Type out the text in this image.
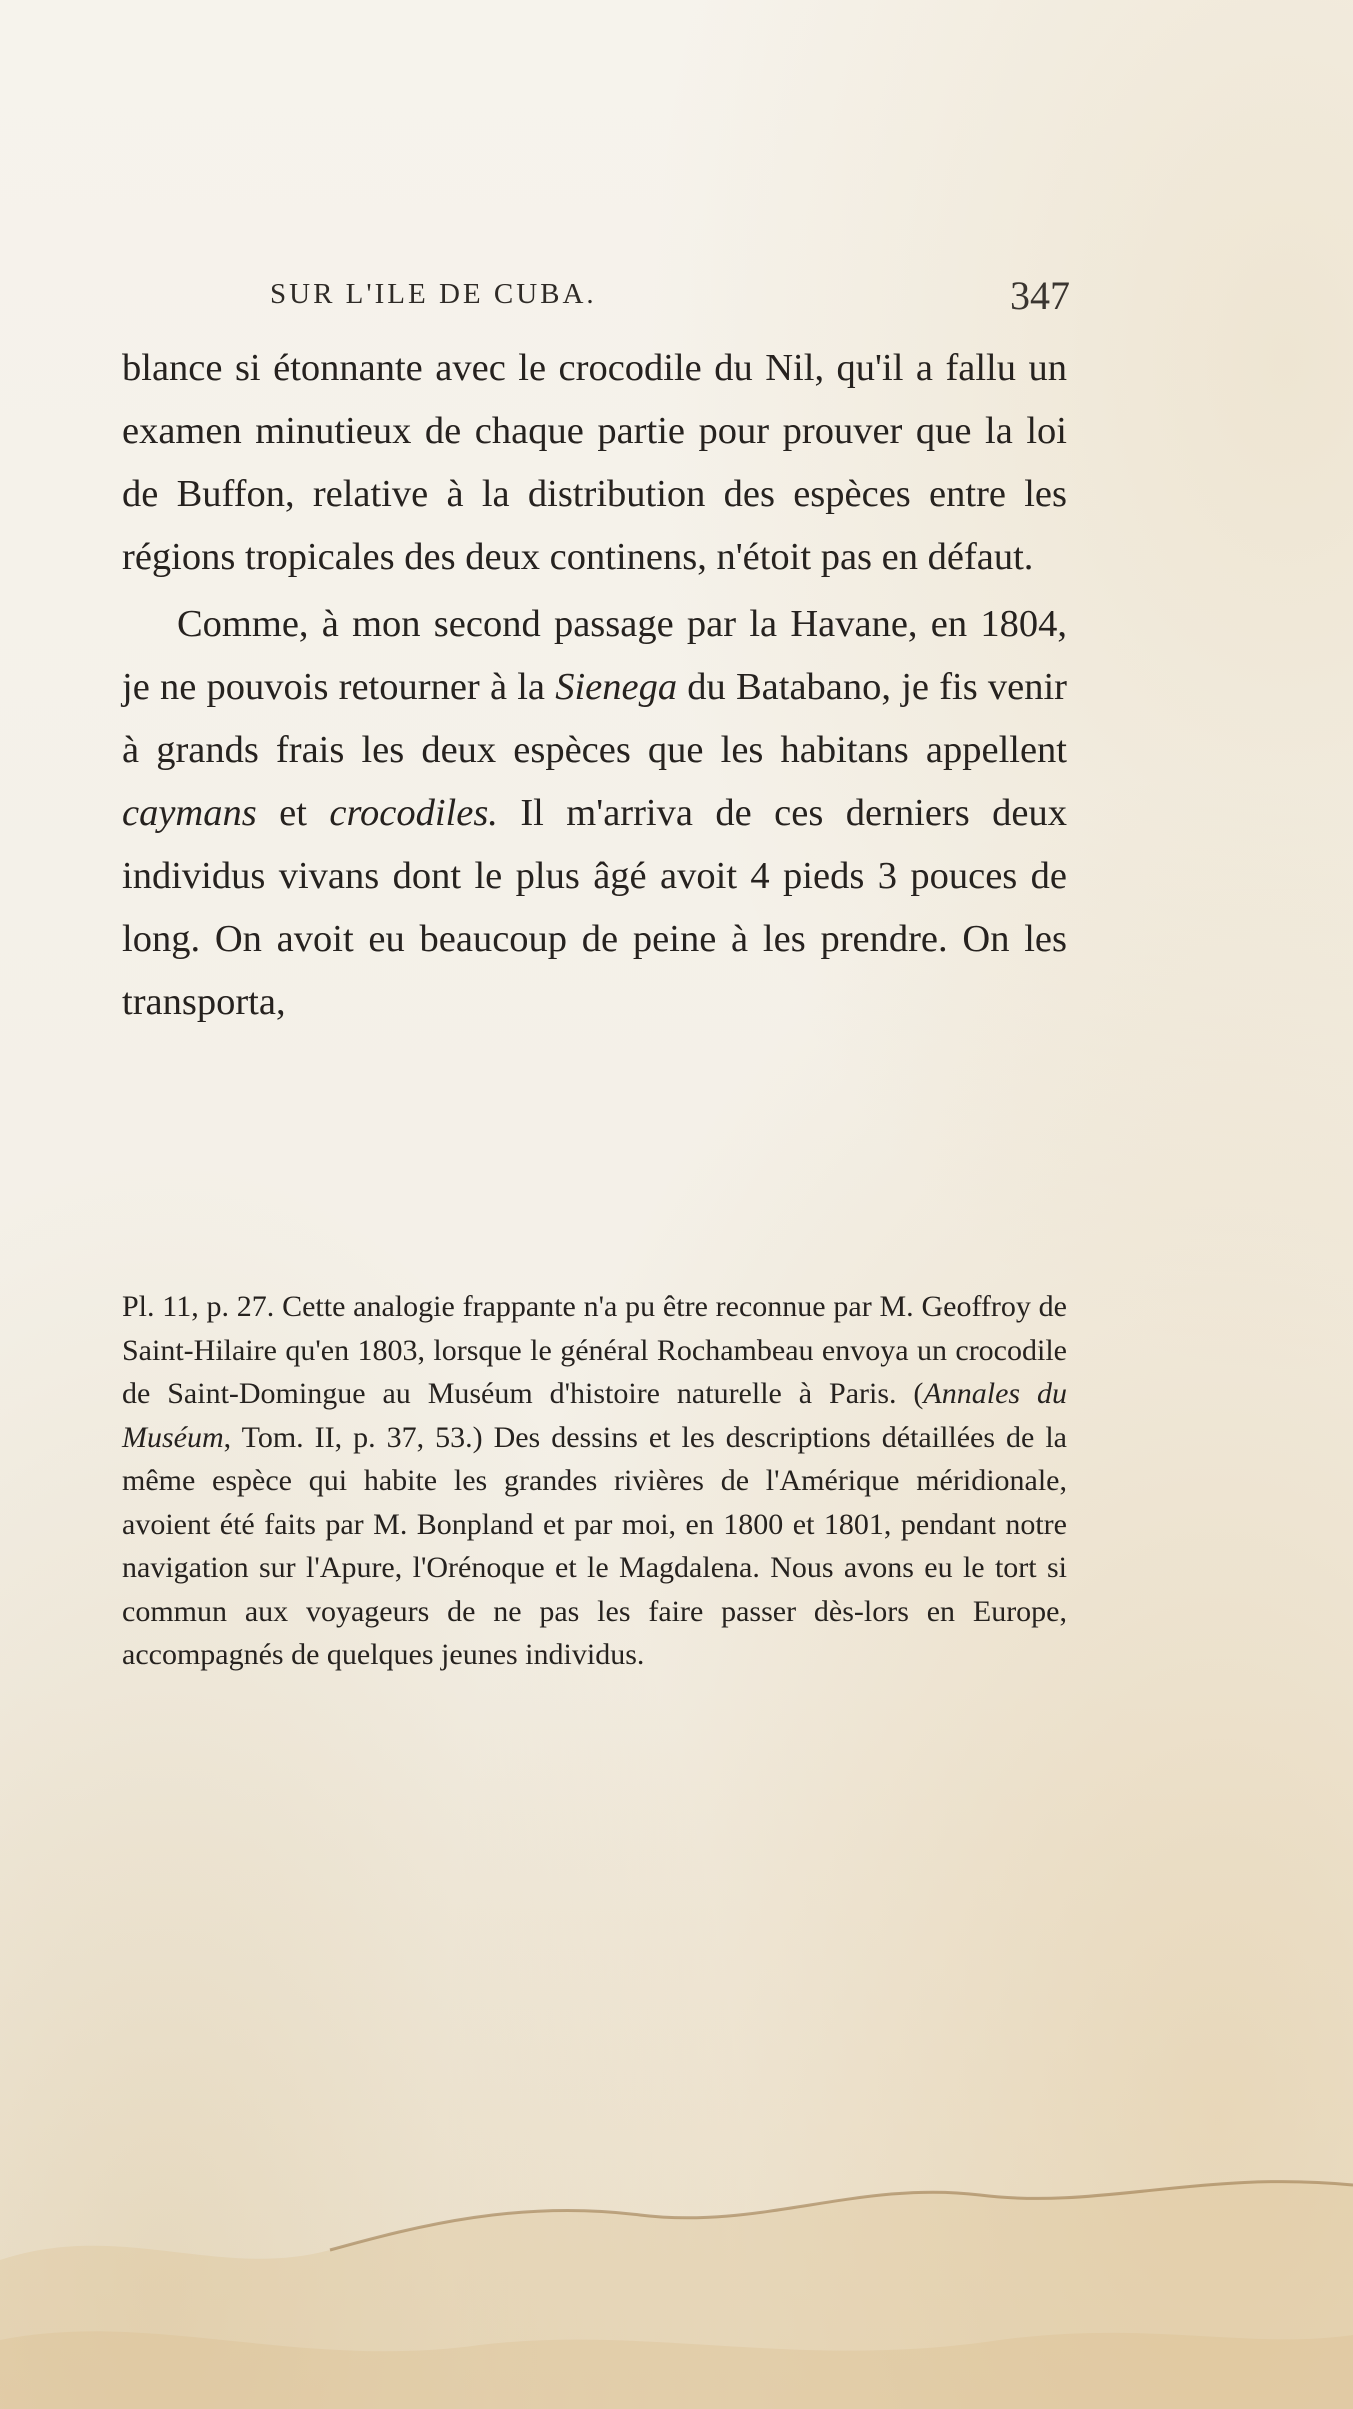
SUR L'ILE DE CUBA.	347

blance si étonnante avec le crocodile du Nil, qu'il a fallu un examen minutieux de chaque partie pour prouver que la loi de Buffon, relative à la distribution des espèces entre les régions tropicales des deux continens, n'étoit pas en défaut.

Comme, à mon second passage par la Havane, en 1804, je ne pouvois retourner à la Sienega du Batabano, je fis venir à grands frais les deux espèces que les habitans appellent caymans et crocodiles. Il m'arriva de ces derniers deux individus vivans dont le plus âgé avoit 4 pieds 3 pouces de long. On avoit eu beaucoup de peine à les prendre. On les transporta,

Pl. 11, p. 27. Cette analogie frappante n'a pu être reconnue par M. Geoffroy de Saint-Hilaire qu'en 1803, lorsque le général Rochambeau envoya un crocodile de Saint-Domingue au Muséum d'histoire naturelle à Paris. (Annales du Muséum, Tom. II, p. 37, 53.) Des dessins et les descriptions détaillées de la même espèce qui habite les grandes rivières de l'Amérique méridionale, avoient été faits par M. Bonpland et par moi, en 1800 et 1801, pendant notre navigation sur l'Apure, l'Orénoque et le Magdalena. Nous avons eu le tort si commun aux voyageurs de ne pas les faire passer dès-lors en Europe, accompagnés de quelques jeunes individus.
